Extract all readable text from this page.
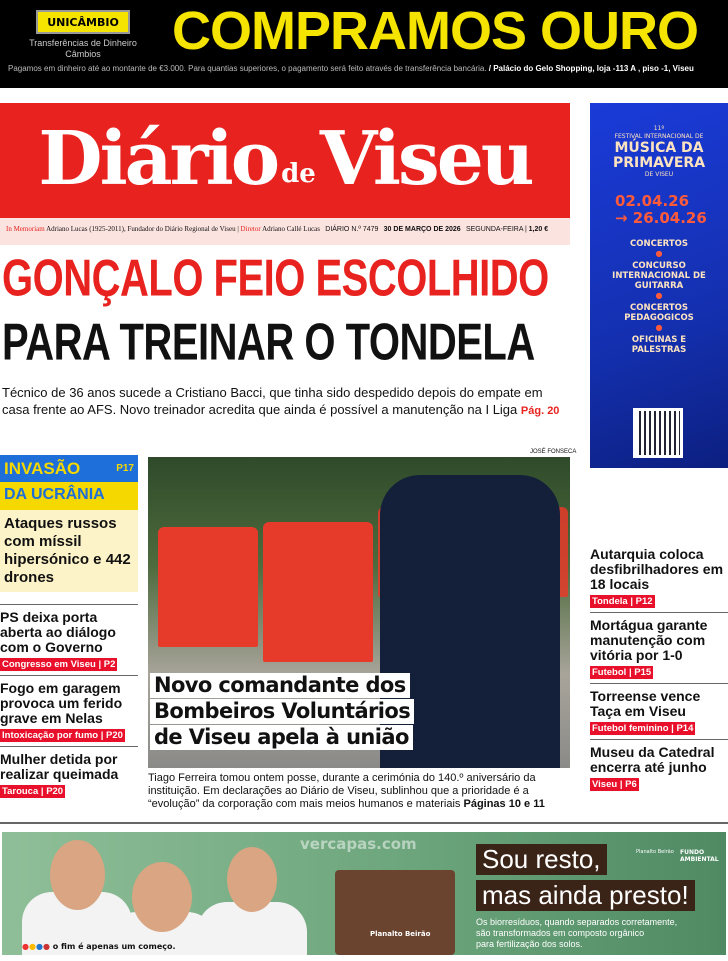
UNICÂMBIO
Transferências de Dinheiro
Câmbios	COMPRAMOS OURO
Pagamos em dinheiro até ao montante de €3.000. Para quantias superiores, o pagamento será feito através de transferência bancária. / Palácio do Gelo Shopping, loja -113 A , piso -1, Viseu
Diário de Viseu
In Memoriam Adriano Lucas (1925-2011), Fundador do Diário Regional de Viseu | Diretor Adriano Callé Lucas DIÁRIO N.º 7479 30 DE MARÇO DE 2026 SEGUNDA-FEIRA | 1,20 €
GONÇALO FEIO ESCOLHIDO
PARA TREINAR O TONDELA
Técnico de 36 anos sucede a Cristiano Bacci, que tinha sido despedido depois do empate em casa frente ao AFS. Novo treinador acredita que ainda é possível a manutenção na I Liga Pág. 20
INVASÃO	P17
DA UCRÂNIA
Ataques russos com míssil hipersónico e 442 drones
PS deixa porta aberta ao diálogo com o Governo
Congresso em Viseu | P2
Fogo em garagem provoca um ferido grave em Nelas
Intoxicação por fumo | P20
Mulher detida por realizar queimada
Tarouca | P20
JOSÉ FONSECA
Novo comandante dos
Bombeiros Voluntários
de Viseu apela à união
Tiago Ferreira tomou ontem posse, durante a cerimónia do 140.º aniversário da instituição. Em declarações ao Diário de Viseu, sublinhou que a prioridade é a “evolução” da corporação com mais meios humanos e materiais Páginas 10 e 11
11º
FESTIVAL INTERNACIONAL DE
MÚSICA DA
PRIMAVERA
DE VISEU
02.04.26
→ 26.04.26
CONCERTOS
●
CONCURSO INTERNACIONAL DE GUITARRA
●
CONCERTOS PEDAGOGICOS
●
OFICINAS E PALESTRAS
Autarquia coloca desfibrilhadores em 18 locais
Tondela | P12
Mortágua garante manutenção com vitória por 1-0
Futebol | P15
Torreense vence Taça em Viseu
Futebol feminino | P14
Museu da Catedral encerra até junho
Viseu | P6
Planalto Beirão
Sou resto,
mas ainda presto!
Os biorresíduos, quando separados corretamente,
são transformados em composto orgânico
para fertilização dos solos.
●●●● o fim é apenas um começo.
Planalto Beirão	FUNDO AMBIENTAL
vercapas.com
